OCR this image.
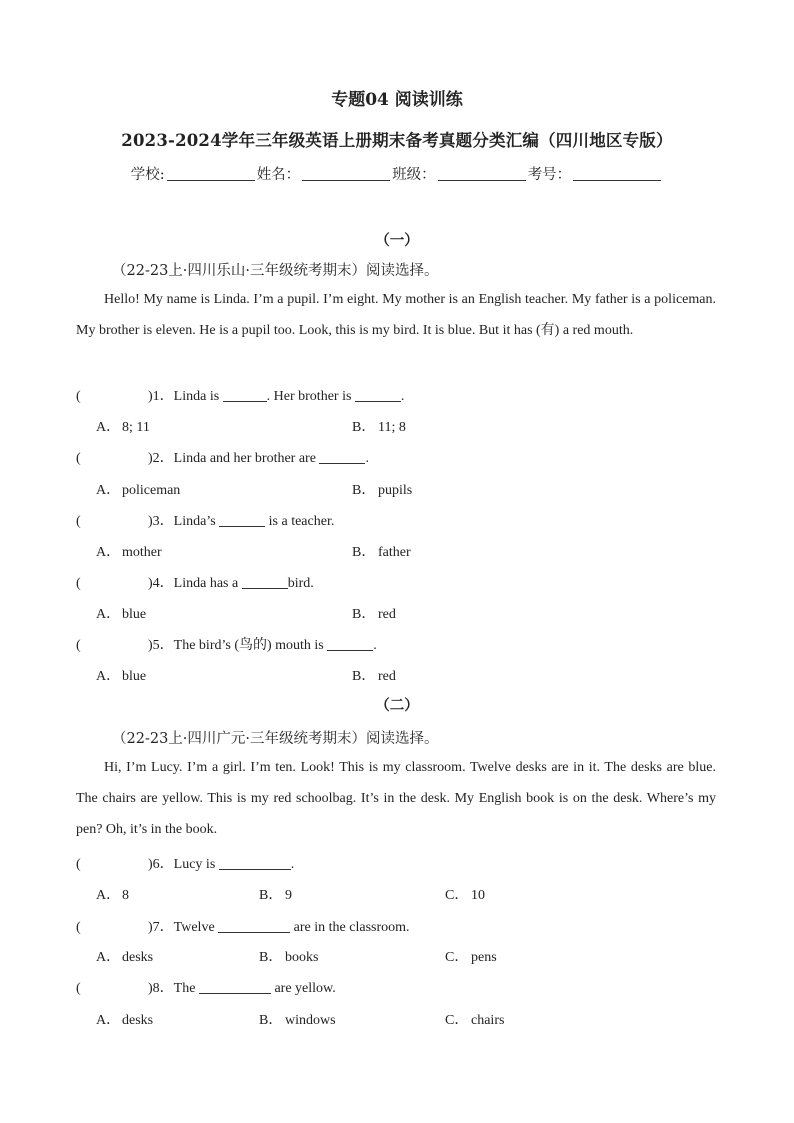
专题04 阅读训练
2023-2024学年三年级英语上册期末备考真题分类汇编（四川地区专版）
学校:	姓名：	班级：	考号：
（一）
（22-23上·四川乐山·三年级统考期末）阅读选择。
Hello! My name is Linda. I’m a pupil. I’m eight. My mother is an English teacher. My father is a policeman. My brother is eleven. He is a pupil too. Look, this is my bird. It is blue. But it has (有) a red mouth.
(	)1．Linda is	. Her brother is	.
A． 8; 11	B． 11; 8
(	)2．Linda and her brother are	.
A． policeman	B． pupils
(	)3．Linda’s	is a teacher.
A． mother	B． father
(	)4．Linda has a	bird.
A． blue	B． red
(	)5．The bird’s (鸟的) mouth is	.
A． blue	B． red
（二）
（22-23上·四川广元·三年级统考期末）阅读选择。
Hi, I’m Lucy. I’m a girl. I’m ten. Look! This is my classroom. Twelve desks are in it. The desks are blue. The chairs are yellow. This is my red schoolbag. It’s in the desk. My English book is on the desk. Where’s my pen? Oh, it’s in the book.
(	)6．Lucy is	.
A． 8	B． 9	C． 10
(	)7．Twelve	are in the classroom.
A． desks	B． books	C． pens
(	)8．The	are yellow.
A． desks	B． windows	C． chairs
